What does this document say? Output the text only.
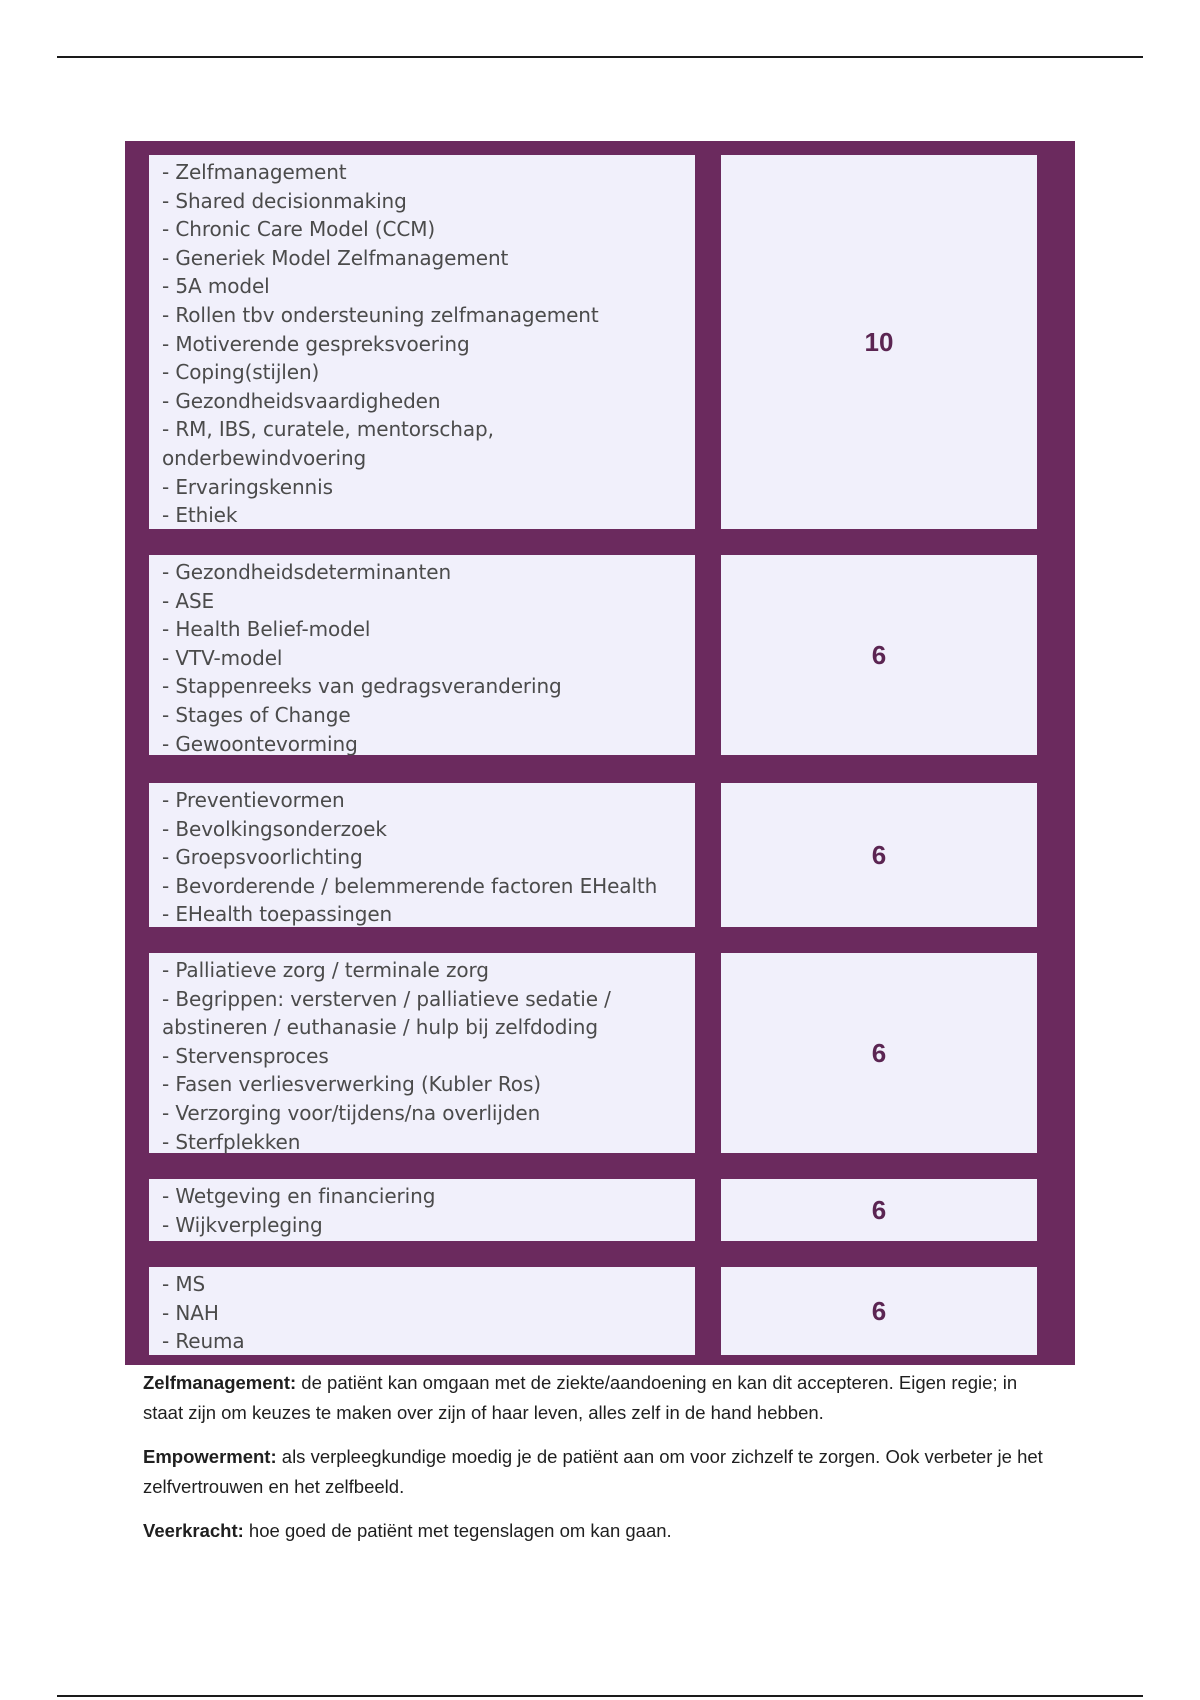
- Zelfmanagement
- Shared decisionmaking
- Chronic Care Model (CCM)
- Generiek Model Zelfmanagement
- 5A model
- Rollen tbv ondersteuning zelfmanagement
- Motiverende gespreksvoering
- Coping(stijlen)
- Gezondheidsvaardigheden
- RM, IBS, curatele, mentorschap,
onderbewindvoering
- Ervaringskennis
- Ethiek
10
- Gezondheidsdeterminanten
- ASE
- Health Belief-model
- VTV-model
- Stappenreeks van gedragsverandering
- Stages of Change
- Gewoontevorming
6
- Preventievormen
- Bevolkingsonderzoek
- Groepsvoorlichting
- Bevorderende / belemmerende factoren EHealth
- EHealth toepassingen
6
- Palliatieve zorg / terminale zorg
- Begrippen: versterven / palliatieve sedatie /
abstineren / euthanasie / hulp bij zelfdoding
- Stervensproces
- Fasen verliesverwerking (Kubler Ros)
- Verzorging voor/tijdens/na overlijden
- Sterfplekken
6
- Wetgeving en financiering
- Wijkverpleging
6
- MS
- NAH
- Reuma
6

Zelfmanagement: de patiënt kan omgaan met de ziekte/aandoening en kan dit accepteren. Eigen regie; in staat zijn om keuzes te maken over zijn of haar leven, alles zelf in de hand hebben.

Empowerment: als verpleegkundige moedig je de patiënt aan om voor zichzelf te zorgen. Ook verbeter je het zelfvertrouwen en het zelfbeeld.

Veerkracht: hoe goed de patiënt met tegenslagen om kan gaan.
